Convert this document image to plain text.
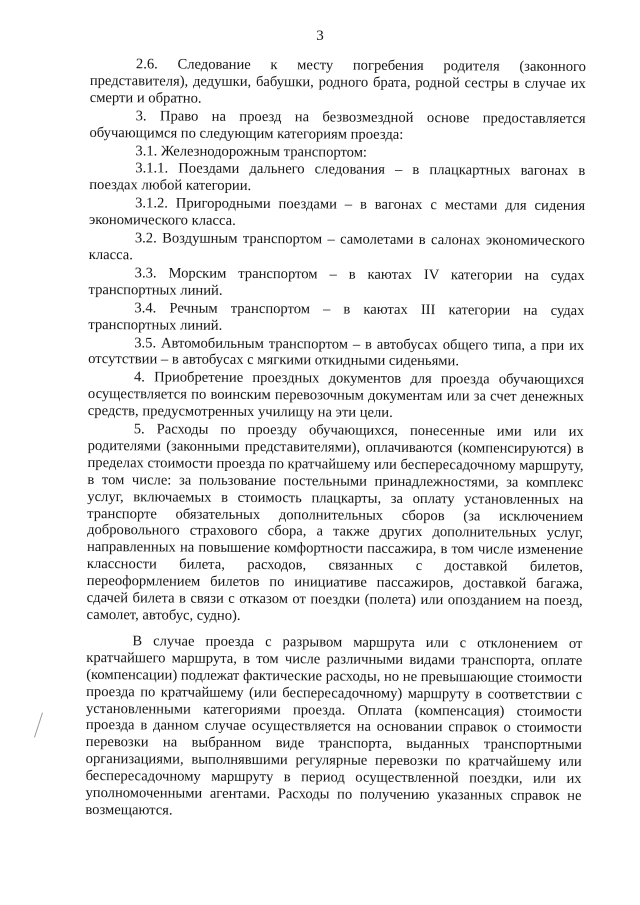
3

2.6. Следование к месту погребения родителя (законного представителя), дедушки, бабушки, родного брата, родной сестры в случае их смерти и обратно.

3. Право на проезд на безвозмездной основе предоставляется обучающимся по следующим категориям проезда:

3.1. Железнодорожным транспортом:

3.1.1. Поездами дальнего следования – в плацкартных вагонах в поездах любой категории.

3.1.2. Пригородными поездами – в вагонах с местами для сидения экономического класса.

3.2. Воздушным транспортом – самолетами в салонах экономического класса.

3.3. Морским транспортом – в каютах IV категории на судах транспортных линий.

3.4. Речным транспортом – в каютах III категории на судах транспортных линий.

3.5. Автомобильным транспортом – в автобусах общего типа, а при их отсутствии – в автобусах с мягкими откидными сиденьями.

4. Приобретение проездных документов для проезда обучающихся осуществляется по воинским перевозочным документам или за счет денежных средств, предусмотренных училищу на эти цели.

5. Расходы по проезду обучающихся, понесенные ими или их родителями (законными представителями), оплачиваются (компенсируются) в пределах стоимости проезда по кратчайшему или беспересадочному маршруту, в том числе: за пользование постельными принадлежностями, за комплекс услуг, включаемых в стоимость плацкарты, за оплату установленных на транспорте обязательных дополнительных сборов (за исключением добровольного страхового сбора, а также других дополнительных услуг, направленных на повышение комфортности пассажира, в том числе изменение классности билета, расходов, связанных с доставкой билетов, переоформлением билетов по инициативе пассажиров, доставкой багажа, сдачей билета в связи с отказом от поездки (полета) или опозданием на поезд, самолет, автобус, судно).

В случае проезда с разрывом маршрута или с отклонением от кратчайшего маршрута, в том числе различными видами транспорта, оплате (компенсации) подлежат фактические расходы, но не превышающие стоимости проезда по кратчайшему (или беспересадочному) маршруту в соответствии с установленными категориями проезда. Оплата (компенсация) стоимости проезда в данном случае осуществляется на основании справок о стоимости перевозки на выбранном виде транспорта, выданных транспортными организациями, выполнявшими регулярные перевозки по кратчайшему или беспересадочному маршруту в период осуществленной поездки, или их уполномоченными агентами. Расходы по получению указанных справок не возмещаются.
